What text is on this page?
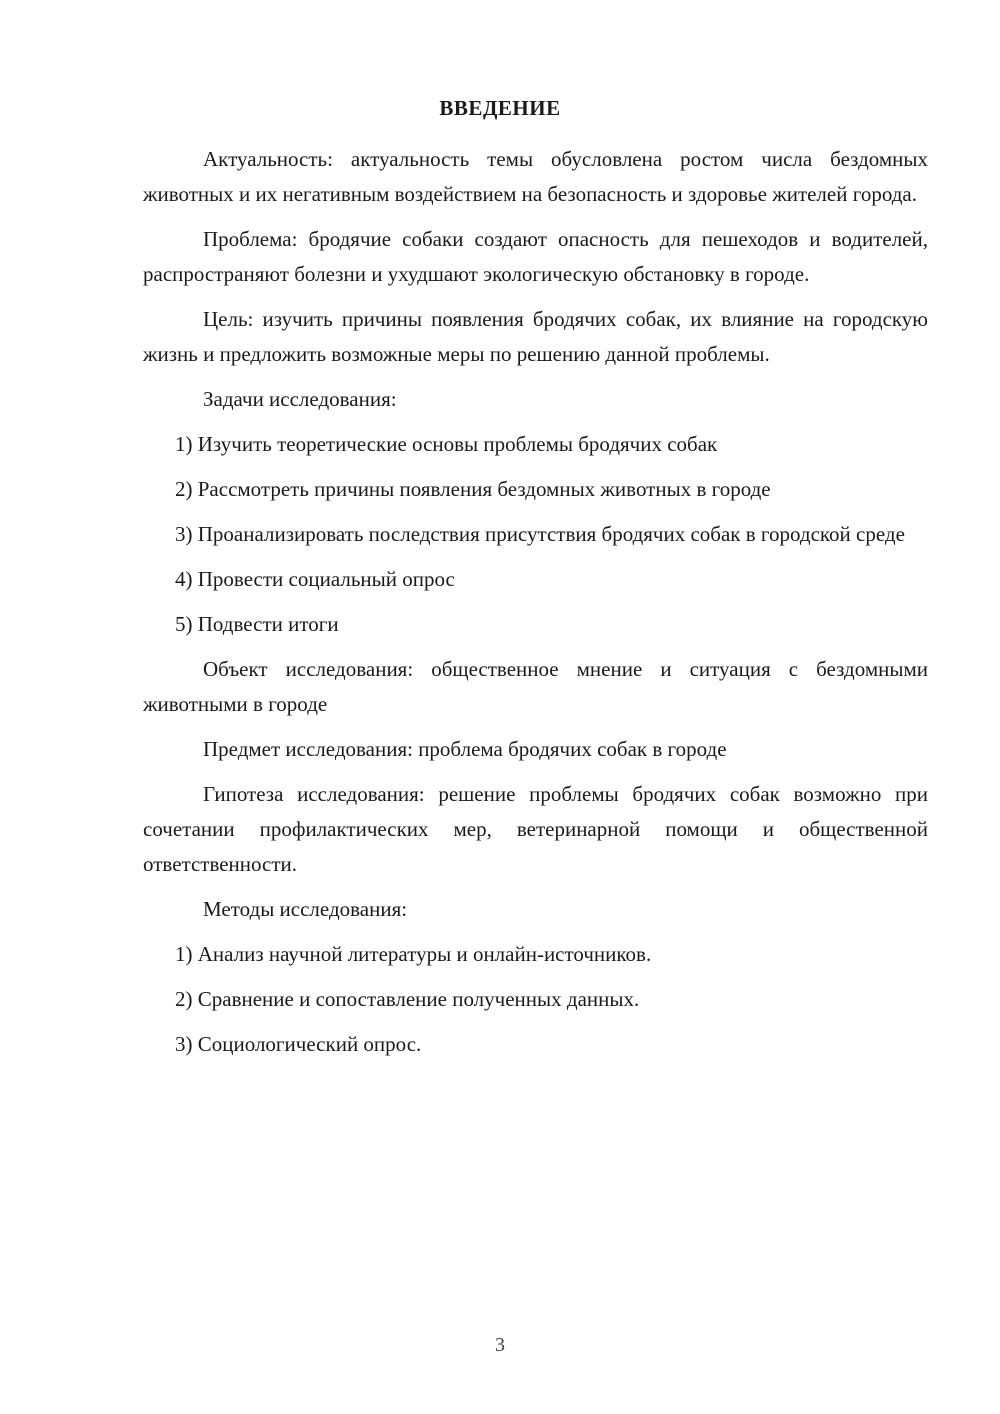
ВВЕДЕНИЕ

Актуальность: актуальность темы обусловлена ростом числа бездомных животных и их негативным воздействием на безопасность и здоровье жителей города.

Проблема: бродячие собаки создают опасность для пешеходов и водителей, распространяют болезни и ухудшают экологическую обстановку в городе.

Цель: изучить причины появления бродячих собак, их влияние на городскую жизнь и предложить возможные меры по решению данной проблемы.

Задачи исследования:

1) Изучить теоретические основы проблемы бродячих собак

2) Рассмотреть причины появления бездомных животных в городе

3) Проанализировать последствия присутствия бродячих собак в городской среде

4) Провести социальный опрос

5) Подвести итоги

Объект исследования: общественное мнение и ситуация с бездомными животными в городе

Предмет исследования: проблема бродячих собак в городе

Гипотеза исследования: решение проблемы бродячих собак возможно при сочетании профилактических мер, ветеринарной помощи и общественной ответственности.

Методы исследования:

1) Анализ научной литературы и онлайн-источников.

2) Сравнение и сопоставление полученных данных.

3) Социологический опрос.

3
